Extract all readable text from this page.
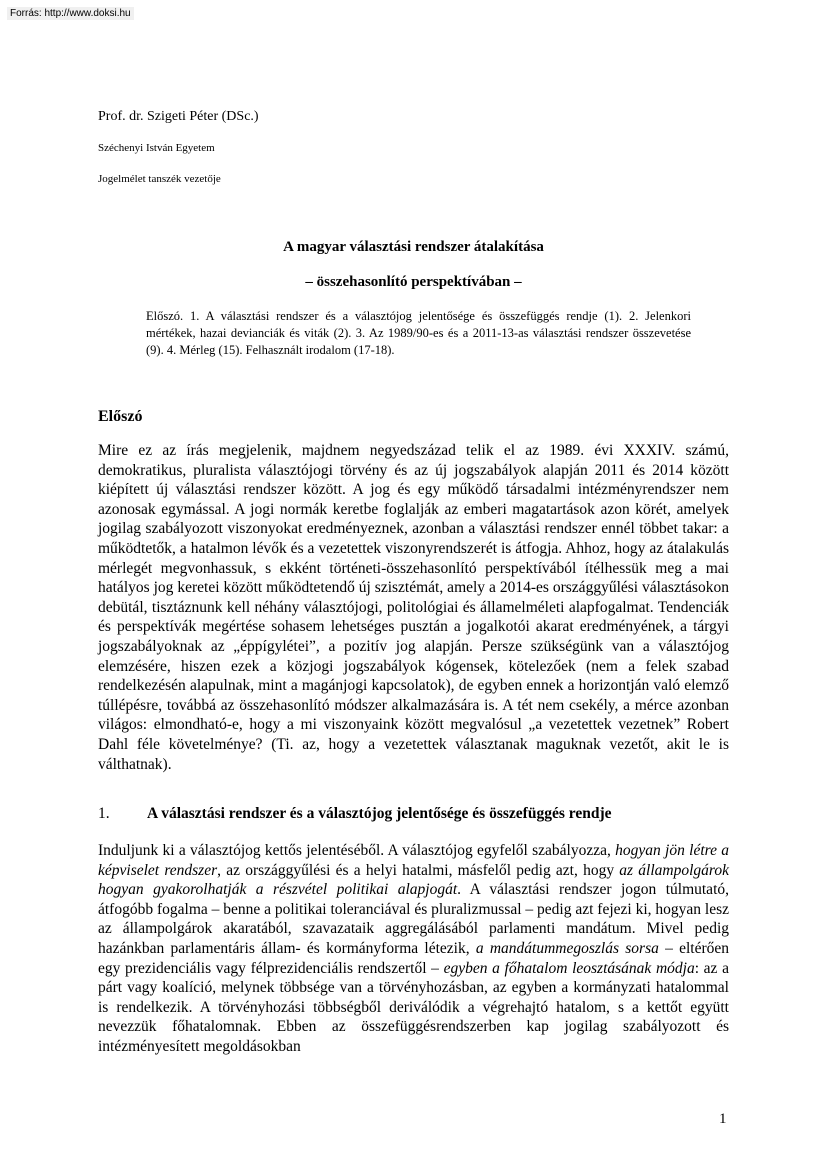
Forrás: http://www.doksi.hu
Prof. dr. Szigeti Péter (DSc.)
Széchenyi István Egyetem
Jogelmélet tanszék vezetője
A magyar választási rendszer átalakítása
– összehasonlító perspektívában –
Előszó. 1. A választási rendszer és a választójog jelentősége és összefüggés rendje (1). 2. Jelenkori mértékek, hazai devianciák és viták (2). 3. Az 1989/90-es és a 2011-13-as választási rendszer összevetése (9). 4. Mérleg (15). Felhasznált irodalom (17-18).
Előszó
Mire ez az írás megjelenik, majdnem negyedszázad telik el az 1989. évi XXXIV. számú, demokratikus, pluralista választójogi törvény és az új jogszabályok alapján 2011 és 2014 között kiépített új választási rendszer között. A jog és egy működő társadalmi intézményrendszer nem azonosak egymással. A jogi normák keretbe foglalják az emberi magatartások azon körét, amelyek jogilag szabályozott viszonyokat eredményeznek, azonban a választási rendszer ennél többet takar: a működtetők, a hatalmon lévők és a vezetettek viszonyrendszerét is átfogja. Ahhoz, hogy az átalakulás mérlegét megvonhassuk, s ekként történeti-összehasonlító perspektívából ítélhessük meg a mai hatályos jog keretei között működtetendő új szisztémát, amely a 2014-es országgyűlési választásokon debütál, tisztáznunk kell néhány választójogi, politológiai és államelméleti alapfogalmat. Tendenciák és perspektívák megértése sohasem lehetséges pusztán a jogalkotói akarat eredményének, a tárgyi jogszabályoknak az „éppígylétei”, a pozitív jog alapján. Persze szükségünk van a választójog elemzésére, hiszen ezek a közjogi jogszabályok kógensek, kötelezőek (nem a felek szabad rendelkezésén alapulnak, mint a magánjogi kapcsolatok), de egyben ennek a horizontján való elemző túllépésre, továbbá az összehasonlító módszer alkalmazására is. A tét nem csekély, a mérce azonban világos: elmondható-e, hogy a mi viszonyaink között megvalósul „a vezetettek vezetnek” Robert Dahl féle követelménye? (Ti. az, hogy a vezetettek választanak maguknak vezetőt, akit le is válthatnak).
1. A választási rendszer és a választójog jelentősége és összefüggés rendje
Induljunk ki a választójog kettős jelentéséből. A választójog egyfelől szabályozza, hogyan jön létre a képviselet rendszer, az országgyűlési és a helyi hatalmi, másfelől pedig azt, hogy az állampolgárok hogyan gyakorolhatják a részvétel politikai alapjogát. A választási rendszer jogon túlmutató, átfogóbb fogalma – benne a politikai toleranciával és pluralizmussal – pedig azt fejezi ki, hogyan lesz az állampolgárok akaratából, szavazataik aggregálásából parlamenti mandátum. Mivel pedig hazánkban parlamentáris állam- és kormányforma létezik, a mandátummegoszlás sorsa – eltérően egy prezidenciális vagy félprezidenciális rendszertől – egyben a főhatalom leosztásának módja: az a párt vagy koalíció, melynek többsége van a törvényhozásban, az egyben a kormányzati hatalommal is rendelkezik. A törvényhozási többségből deriválódik a végrehajtó hatalom, s a kettőt együtt nevezzük főhatalomnak. Ebben az összefüggésrendszerben kap jogilag szabályozott és intézményesített megoldásokban
1
